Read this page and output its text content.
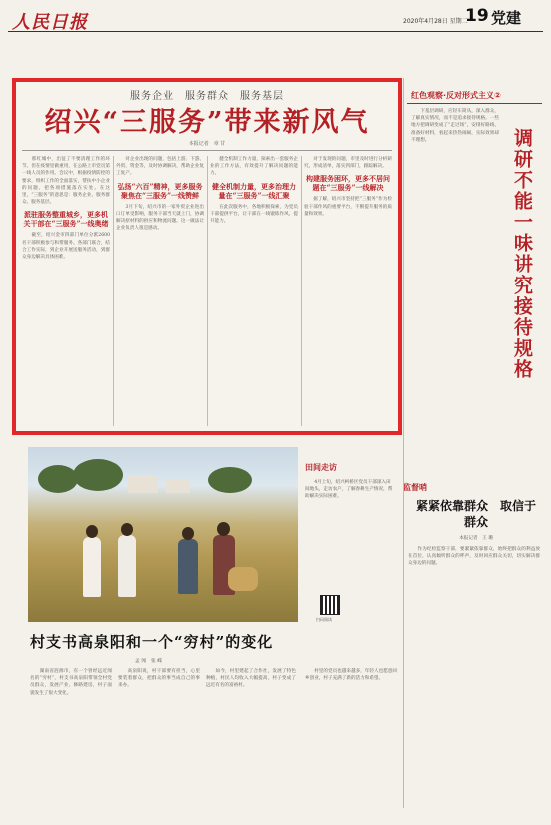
人民日报	2020年4月28日 星期二
19 党建
服务企业　服务群众　服务基层
绍兴“三服务”带来新风气
本报记者　章 甘

　　那红城中，出征了不要清理工作的环节。但在疫情里做重用，在公路上市党员第一线人员的作用。会议中，根据疫情防控的要求，组织工作的全面落实，帮扶中小企业的问题，把各项措施落在实处。在这里，“三服务”的意思是：服务企业、服务群众、服务基层。

派驻服务整重城乡，更多机关干部在“三服务”一线奥绪

　　截至，绍兴金市四部门单位分派2600名干部积极参与和帮服务。各部门联合，结合工作实际，到企业开展送服务活动，到群众身边解决具体困难。

　　对企业出现的问题，包括上游、下游、外贸、资金等，及时协调解决，帮助企业复工复产。

弘扬“六百”精神，更多服务聚焦在“三服务”一线赞鲜

　　3月下旬，绍兴市的一家外贸企业进出口订单受影响，服务干部当天就上门，协调解决原材料的供应和物流问题。这一做法让企业负责人很是感动。

　　健全机制工作力量，探索出一套服务企业的工作方法，有效提升了解决问题的能力。

健全机制力量，更多治理力量在“三服务”一线汇聚

　　在此次服务中，各地积极探索，为党员干部提供平台，让干部在一线锻炼作风、提升能力。

　　对于发现的问题，市里及时进行分析研究，形成清单，落实到部门，跟踪解决。

构建服务困环，更多不居问题在“三服务”一线解决

　　据了解，绍兴市坚持把“三服务”作为检验干部作风的重要平台，不断提升服务的质量和效果。

红色观察·反对形式主义②
　　下基层调研，应轻车简从，深入群众，了解真实情况，而不是追求接待规格。一些地方把调研变成了“走过场”，安排好路线、准备好材料，看起来热热闹闹，实际效果却不理想。	调研不能一味讲究接待规格
田间走访
　　4月上旬，绍兴柯桥区党员干部深入田间地头，走访农户，了解春耕生产情况，帮助解决实际困难。
扫码阅读
村支书高泉阳和一个“穷村”的变化
孟 闻　张 嵘
　　湖南省涟源市，有一个曾经远近闻名的“穷村”，村支书高泉阳带领全村党员群众，发展产业，修路建房，村子面貌发生了很大变化。
　　高泉阳说，村干部要有担当，心里要装着群众，把群众的事当成自己的事来办。
　　如今，村里建起了合作社，发展了特色种植，村民人均收入大幅提高，村子变成了远近有名的富裕村。
　　村里的党员也越来越多，年轻人也愿意回乡创业，村子充满了新的活力和希望。
监督哨
紧紧依靠群众　取信于群众
本报记者　王 珊
　　作为纪检监察干部，要紧紧依靠群众，始终把群众的利益放在首位，认真倾听群众的呼声，及时回应群众关切，切实解决群众身边的问题。
